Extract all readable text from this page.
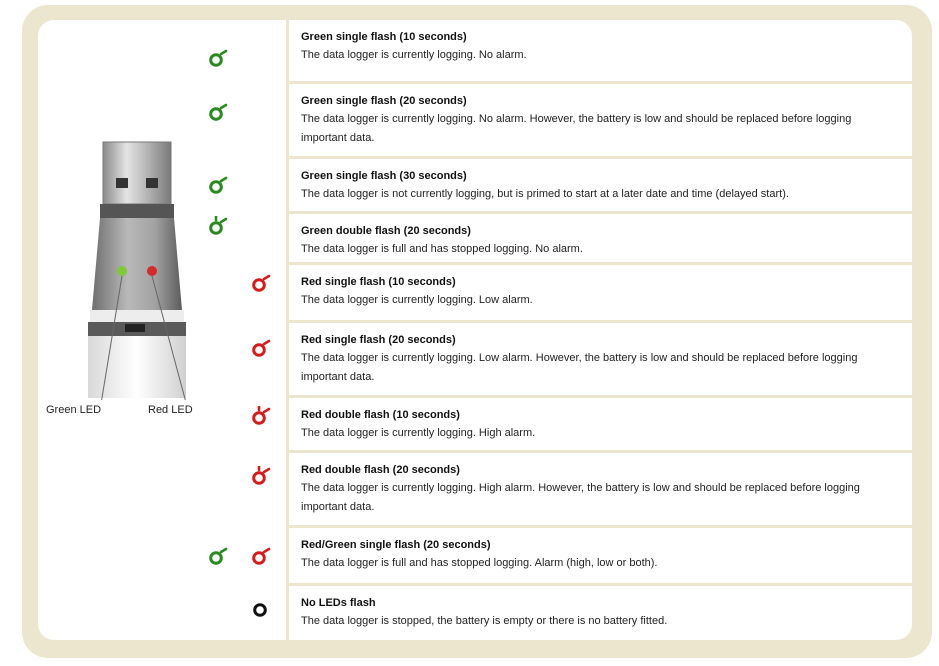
Green LED	Red LED
Green single flash (10 seconds)
The data logger is currently logging. No alarm.
Green single flash (20 seconds)
The data logger is currently logging. No alarm. However, the battery is low and should be replaced before logging important data.
Green single flash (30 seconds)
The data logger is not currently logging, but is primed to start at a later date and time (delayed start).
Green double flash (20 seconds)
The data logger is full and has stopped logging. No alarm.
Red single flash (10 seconds)
The data logger is currently logging. Low alarm.
Red single flash (20 seconds)
The data logger is currently logging. Low alarm. However, the battery is low and should be replaced before logging important data.
Red double flash (10 seconds)
The data logger is currently logging. High alarm.
Red double flash (20 seconds)
The data logger is currently logging. High alarm. However, the battery is low and should be replaced before logging important data.
Red/Green single flash (20 seconds)
The data logger is full and has stopped logging. Alarm (high, low or both).
No LEDs flash
The data logger is stopped, the battery is empty or there is no battery fitted.
